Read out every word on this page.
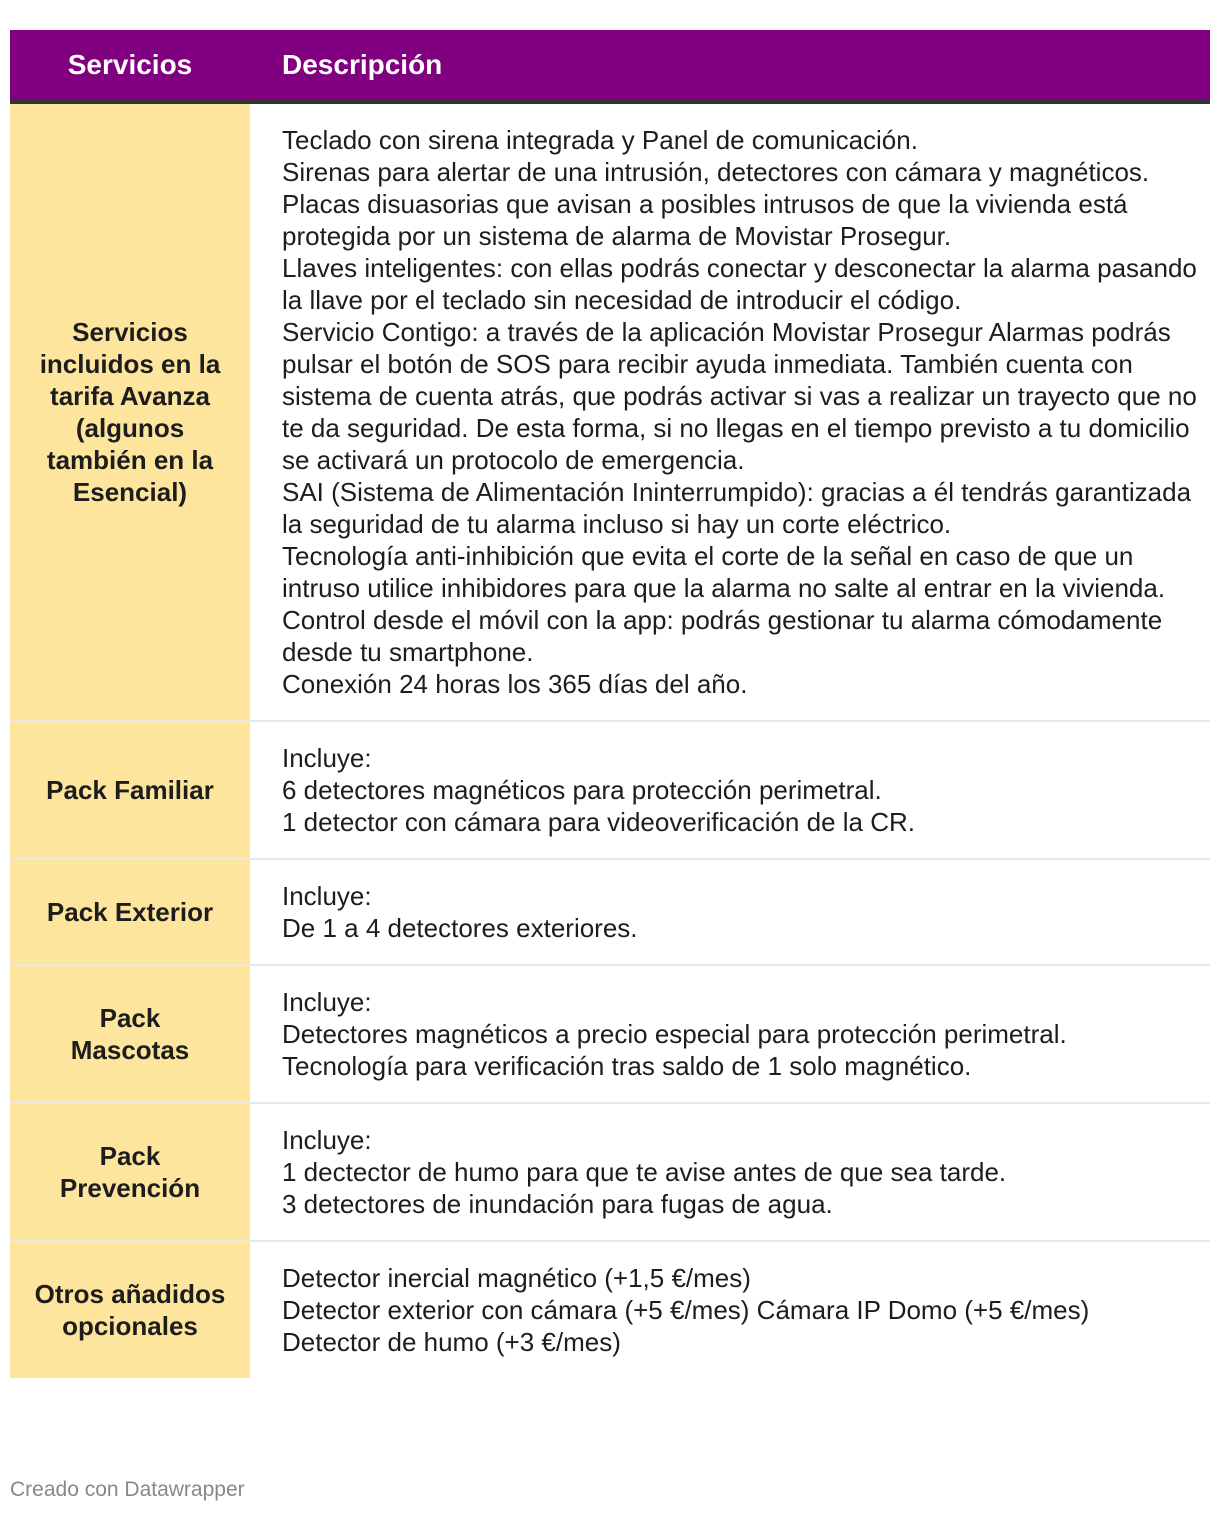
Servicios	Descripción
Servicios incluidos en la tarifa Avanza (algunos también en la Esencial)
Teclado con sirena integrada y Panel de comunicación.
Sirenas para alertar de una intrusión, detectores con cámara y magnéticos.
Placas disuasorias que avisan a posibles intrusos de que la vivienda está protegida por un sistema de alarma de Movistar Prosegur.
Llaves inteligentes: con ellas podrás conectar y desconectar la alarma pasando la llave por el teclado sin necesidad de introducir el código.
Servicio Contigo: a través de la aplicación Movistar Prosegur Alarmas podrás pulsar el botón de SOS para recibir ayuda inmediata. También cuenta con sistema de cuenta atrás, que podrás activar si vas a realizar un trayecto que no te da seguridad. De esta forma, si no llegas en el tiempo previsto a tu domicilio se activará un protocolo de emergencia.
SAI (Sistema de Alimentación Ininterrumpido): gracias a él tendrás garantizada la seguridad de tu alarma incluso si hay un corte eléctrico.
Tecnología anti-inhibición que evita el corte de la señal en caso de que un intruso utilice inhibidores para que la alarma no salte al entrar en la vivienda.
Control desde el móvil con la app: podrás gestionar tu alarma cómodamente desde tu smartphone.
Conexión 24 horas los 365 días del año.
Pack Familiar
Incluye:
6 detectores magnéticos para protección perimetral.
1 detector con cámara para videoverificación de la CR.
Pack Exterior
Incluye:
De 1 a 4 detectores exteriores.
Pack Mascotas
Incluye:
Detectores magnéticos a precio especial para protección perimetral.
Tecnología para verificación tras saldo de 1 solo magnético.
Pack Prevención
Incluye:
1 dectector de humo para que te avise antes de que sea tarde.
3 detectores de inundación para fugas de agua.
Otros añadidos opcionales
Detector inercial magnético (+1,5 €/mes)
Detector exterior con cámara (+5 €/mes) Cámara IP Domo (+5 €/mes)
Detector de humo (+3 €/mes)
Creado con Datawrapper
